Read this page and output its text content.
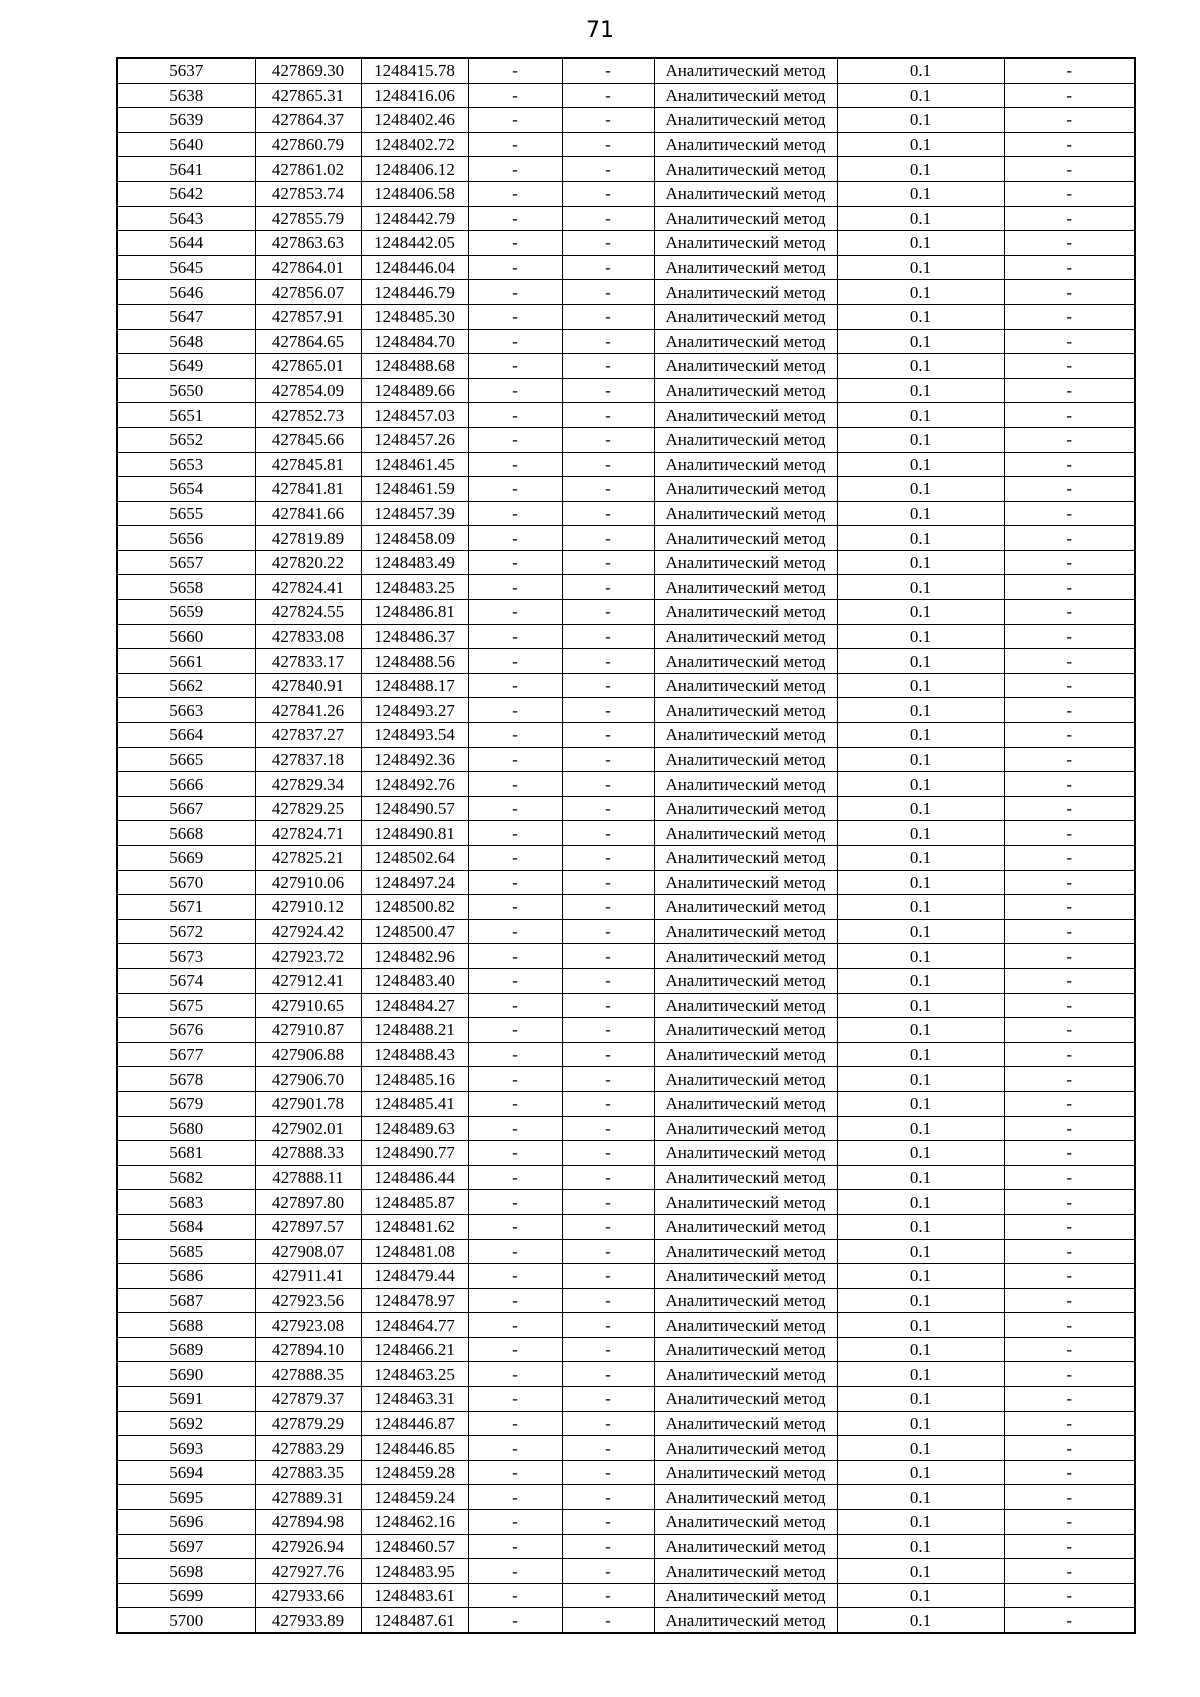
71
5637	427869.30	1248415.78	-	-	Аналитический метод	0.1	-
5638	427865.31	1248416.06	-	-	Аналитический метод	0.1	-
5639	427864.37	1248402.46	-	-	Аналитический метод	0.1	-
5640	427860.79	1248402.72	-	-	Аналитический метод	0.1	-
5641	427861.02	1248406.12	-	-	Аналитический метод	0.1	-
5642	427853.74	1248406.58	-	-	Аналитический метод	0.1	-
5643	427855.79	1248442.79	-	-	Аналитический метод	0.1	-
5644	427863.63	1248442.05	-	-	Аналитический метод	0.1	-
5645	427864.01	1248446.04	-	-	Аналитический метод	0.1	-
5646	427856.07	1248446.79	-	-	Аналитический метод	0.1	-
5647	427857.91	1248485.30	-	-	Аналитический метод	0.1	-
5648	427864.65	1248484.70	-	-	Аналитический метод	0.1	-
5649	427865.01	1248488.68	-	-	Аналитический метод	0.1	-
5650	427854.09	1248489.66	-	-	Аналитический метод	0.1	-
5651	427852.73	1248457.03	-	-	Аналитический метод	0.1	-
5652	427845.66	1248457.26	-	-	Аналитический метод	0.1	-
5653	427845.81	1248461.45	-	-	Аналитический метод	0.1	-
5654	427841.81	1248461.59	-	-	Аналитический метод	0.1	-
5655	427841.66	1248457.39	-	-	Аналитический метод	0.1	-
5656	427819.89	1248458.09	-	-	Аналитический метод	0.1	-
5657	427820.22	1248483.49	-	-	Аналитический метод	0.1	-
5658	427824.41	1248483.25	-	-	Аналитический метод	0.1	-
5659	427824.55	1248486.81	-	-	Аналитический метод	0.1	-
5660	427833.08	1248486.37	-	-	Аналитический метод	0.1	-
5661	427833.17	1248488.56	-	-	Аналитический метод	0.1	-
5662	427840.91	1248488.17	-	-	Аналитический метод	0.1	-
5663	427841.26	1248493.27	-	-	Аналитический метод	0.1	-
5664	427837.27	1248493.54	-	-	Аналитический метод	0.1	-
5665	427837.18	1248492.36	-	-	Аналитический метод	0.1	-
5666	427829.34	1248492.76	-	-	Аналитический метод	0.1	-
5667	427829.25	1248490.57	-	-	Аналитический метод	0.1	-
5668	427824.71	1248490.81	-	-	Аналитический метод	0.1	-
5669	427825.21	1248502.64	-	-	Аналитический метод	0.1	-
5670	427910.06	1248497.24	-	-	Аналитический метод	0.1	-
5671	427910.12	1248500.82	-	-	Аналитический метод	0.1	-
5672	427924.42	1248500.47	-	-	Аналитический метод	0.1	-
5673	427923.72	1248482.96	-	-	Аналитический метод	0.1	-
5674	427912.41	1248483.40	-	-	Аналитический метод	0.1	-
5675	427910.65	1248484.27	-	-	Аналитический метод	0.1	-
5676	427910.87	1248488.21	-	-	Аналитический метод	0.1	-
5677	427906.88	1248488.43	-	-	Аналитический метод	0.1	-
5678	427906.70	1248485.16	-	-	Аналитический метод	0.1	-
5679	427901.78	1248485.41	-	-	Аналитический метод	0.1	-
5680	427902.01	1248489.63	-	-	Аналитический метод	0.1	-
5681	427888.33	1248490.77	-	-	Аналитический метод	0.1	-
5682	427888.11	1248486.44	-	-	Аналитический метод	0.1	-
5683	427897.80	1248485.87	-	-	Аналитический метод	0.1	-
5684	427897.57	1248481.62	-	-	Аналитический метод	0.1	-
5685	427908.07	1248481.08	-	-	Аналитический метод	0.1	-
5686	427911.41	1248479.44	-	-	Аналитический метод	0.1	-
5687	427923.56	1248478.97	-	-	Аналитический метод	0.1	-
5688	427923.08	1248464.77	-	-	Аналитический метод	0.1	-
5689	427894.10	1248466.21	-	-	Аналитический метод	0.1	-
5690	427888.35	1248463.25	-	-	Аналитический метод	0.1	-
5691	427879.37	1248463.31	-	-	Аналитический метод	0.1	-
5692	427879.29	1248446.87	-	-	Аналитический метод	0.1	-
5693	427883.29	1248446.85	-	-	Аналитический метод	0.1	-
5694	427883.35	1248459.28	-	-	Аналитический метод	0.1	-
5695	427889.31	1248459.24	-	-	Аналитический метод	0.1	-
5696	427894.98	1248462.16	-	-	Аналитический метод	0.1	-
5697	427926.94	1248460.57	-	-	Аналитический метод	0.1	-
5698	427927.76	1248483.95	-	-	Аналитический метод	0.1	-
5699	427933.66	1248483.61	-	-	Аналитический метод	0.1	-
5700	427933.89	1248487.61	-	-	Аналитический метод	0.1	-
